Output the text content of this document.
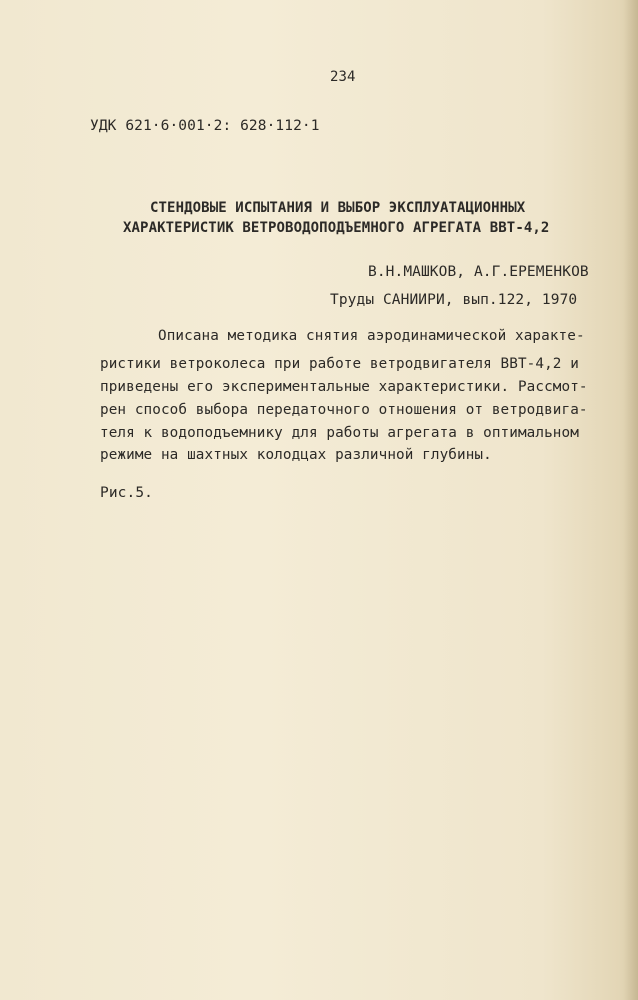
234
УДК 621·6·001·2: 628·112·1
СТЕНДОВЫЕ ИСПЫТАНИЯ И ВЫБОР ЭКСПЛУАТАЦИОННЫХ
ХАРАКТЕРИСТИК ВЕТРОВОДОПОДЪЕМНОГО АГРЕГАТА ВВТ-4,2
В.Н.МАШКОВ, А.Г.ЕРЕМЕНКОВ
Труды САНИИРИ, вып.122, 1970
Описана методика снятия аэродинамической характе-
ристики ветроколеса при работе ветродвигателя ВВТ-4,2 и
приведены его экспериментальные характеристики. Рассмот-
рен способ выбора передаточного отношения от ветродвига-
теля к водоподъемнику для работы агрегата в оптимальном
режиме на шахтных колодцах различной глубины.
Рис.5.
